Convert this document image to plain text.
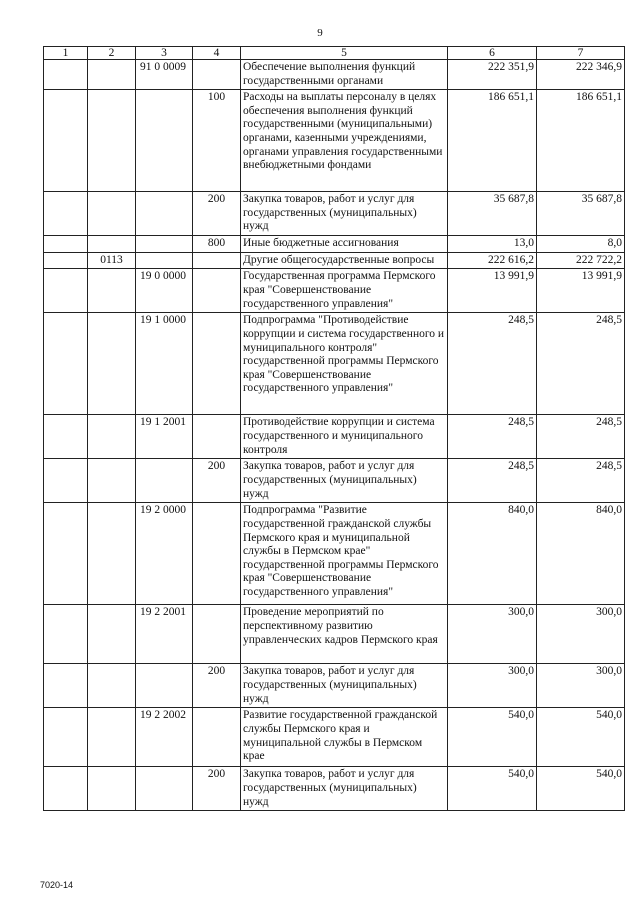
9
1	2	3	4	5	6	7
		91 0 0009		Обеспечение выполнения функций государственными органами	222 351,9	222 346,9
			100	Расходы на выплаты персоналу в целях обеспечения выполнения функций государственными (муниципальными) органами, казенными учреждениями, органами управления государственными внебюджетными фондами	186 651,1	186 651,1
			200	Закупка товаров, работ и услуг для государственных (муниципальных) нужд	35 687,8	35 687,8
			800	Иные бюджетные ассигнования	13,0	8,0
	0113			Другие общегосударственные вопросы	222 616,2	222 722,2
		19 0 0000		Государственная программа Пермского края "Совершенствование государственного управления"	13 991,9	13 991,9
		19 1 0000		Подпрограмма "Противодействие коррупции и система государственного и муниципального контроля" государственной программы Пермского края "Совершенствование государственного управления"	248,5	248,5
		19 1 2001		Противодействие коррупции и система государственного и муниципального контроля	248,5	248,5
			200	Закупка товаров, работ и услуг для государственных (муниципальных) нужд	248,5	248,5
		19 2 0000		Подпрограмма "Развитие государственной гражданской службы Пермского края и муниципальной службы в Пермском крае" государственной программы Пермского края "Совершенствование государственного управления"	840,0	840,0
		19 2 2001		Проведение мероприятий по перспективному развитию управленческих кадров Пермского края	300,0	300,0
			200	Закупка товаров, работ и услуг для государственных (муниципальных) нужд	300,0	300,0
		19 2 2002		Развитие государственной гражданской службы Пермского края и муниципальной службы в Пермском крае	540,0	540,0
			200	Закупка товаров, работ и услуг для государственных (муниципальных) нужд	540,0	540,0
7020-14
